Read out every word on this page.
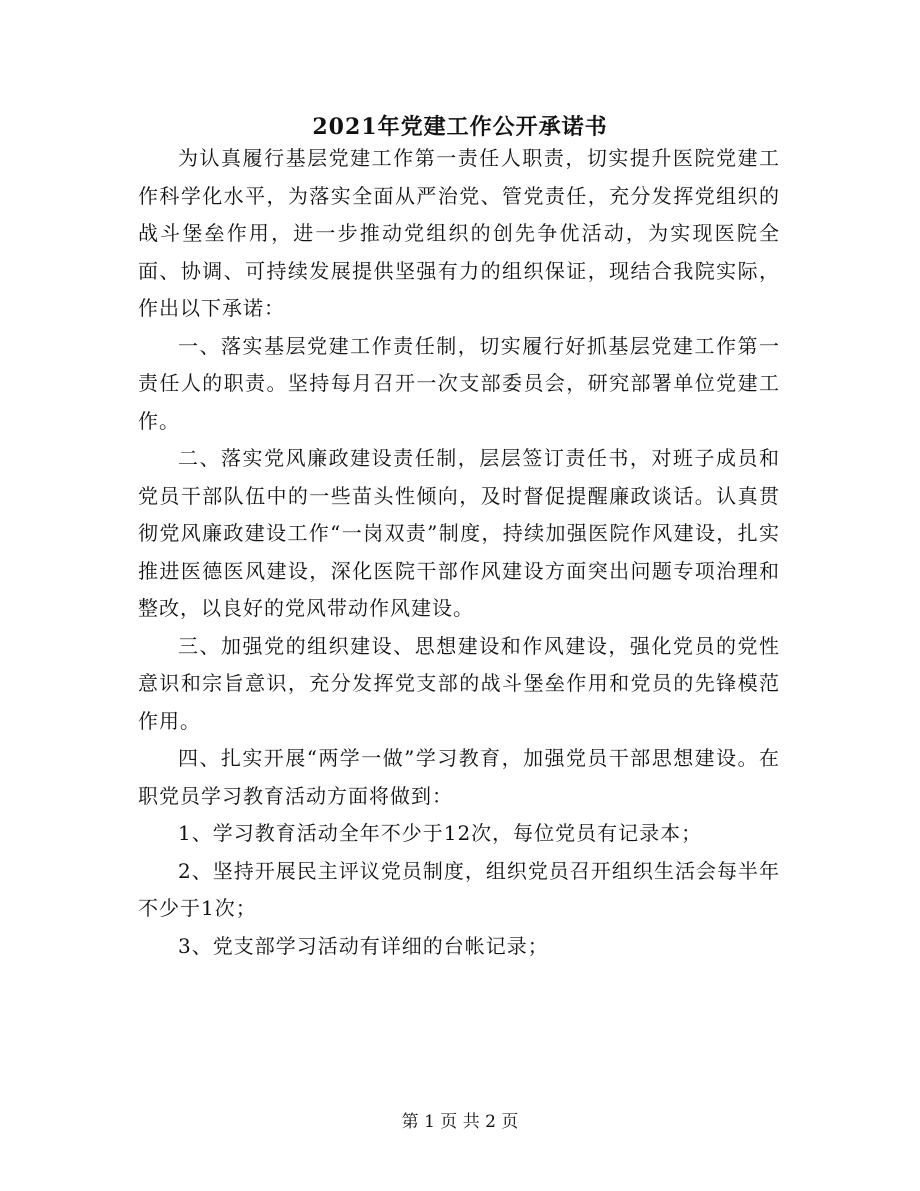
2021年党建工作公开承诺书

为认真履行基层党建工作第一责任人职责，切实提升医院党建工作科学化水平，为落实全面从严治党、管党责任，充分发挥党组织的战斗堡垒作用，进一步推动党组织的创先争优活动，为实现医院全面、协调、可持续发展提供坚强有力的组织保证，现结合我院实际，作出以下承诺：

一、落实基层党建工作责任制，切实履行好抓基层党建工作第一责任人的职责。坚持每月召开一次支部委员会，研究部署单位党建工作。

二、落实党风廉政建设责任制，层层签订责任书，对班子成员和党员干部队伍中的一些苗头性倾向，及时督促提醒廉政谈话。认真贯彻党风廉政建设工作“一岗双责”制度，持续加强医院作风建设，扎实推进医德医风建设，深化医院干部作风建设方面突出问题专项治理和整改，以良好的党风带动作风建设。

三、加强党的组织建设、思想建设和作风建设，强化党员的党性意识和宗旨意识，充分发挥党支部的战斗堡垒作用和党员的先锋模范作用。

四、扎实开展“两学一做”学习教育，加强党员干部思想建设。在职党员学习教育活动方面将做到：

1、学习教育活动全年不少于12次，每位党员有记录本；

2、坚持开展民主评议党员制度，组织党员召开组织生活会每半年不少于1次；

3、党支部学习活动有详细的台帐记录；

第 1 页 共 2 页
